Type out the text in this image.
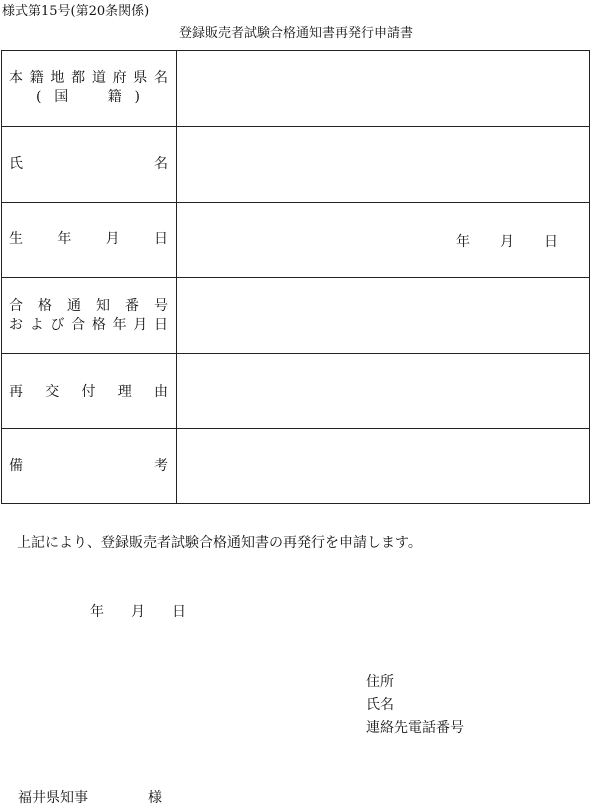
様式第15号(第20条関係)
登録販売者試験合格通知書再発行申請書
本籍地都道府県名
(国　籍)
氏名
生年月日	年月日
合格通知番号
および合格年月日
再交付理由
備考
上記により、登録販売者試験合格通知書の再発行を申請します。
年月日
住所
氏名
連絡先電話番号
福井県知事	様
